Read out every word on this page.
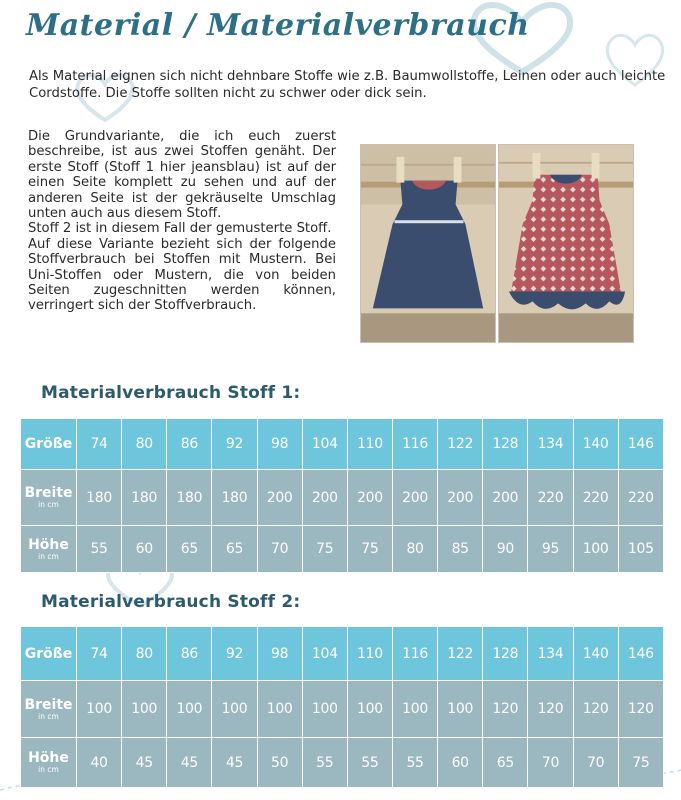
Material / Materialverbrauch
Als Material eignen sich nicht dehnbare Stoffe wie z.B. Baumwollstoffe, Leinen oder auch leichte Cordstoffe. Die Stoffe sollten nicht zu schwer oder dick sein.

Die Grundvariante, die ich euch zuerst beschreibe, ist aus zwei Stoffen genäht. Der erste Stoff (Stoff 1 hier jeansblau) ist auf der einen Seite komplett zu sehen und auf der anderen Seite ist der gekräuselte Umschlag unten auch aus diesem Stoff.

Stoff 2 ist in diesem Fall der gemusterte Stoff.

Auf diese Variante bezieht sich der folgende Stoffverbrauch bei Stoffen mit Mustern. Bei Uni-Stoffen oder Mustern, die von beiden Seiten zugeschnitten werden können, verringert sich der Stoffverbrauch.

Materialverbrauch Stoff 1:
Größe	74	80	86	92	98	104	110	116	122	128	134	140	146
Breite
in cm	180	180	180	180	200	200	200	200	200	200	220	220	220
Höhe
in cm	55	60	65	65	70	75	75	80	85	90	95	100	105
Materialverbrauch Stoff 2:
Größe	74	80	86	92	98	104	110	116	122	128	134	140	146
Breite
in cm	100	100	100	100	100	100	100	100	100	120	120	120	120
Höhe
in cm	40	45	45	45	50	55	55	55	60	65	70	70	75
